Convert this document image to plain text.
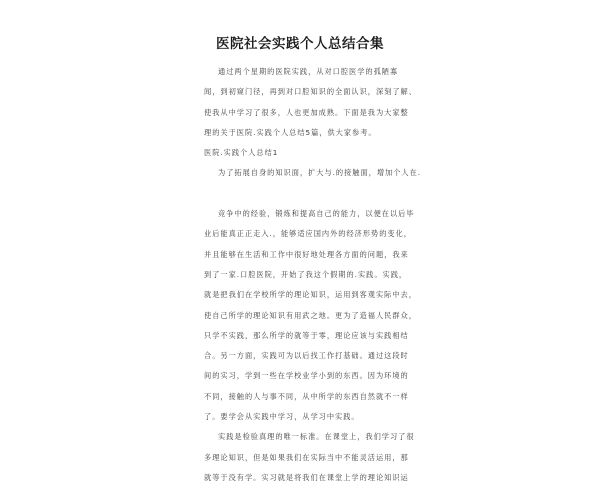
医院社会实践个人总结合集
通过两个星期的医院实践，从对口腔医学的孤陋寡
闻，到初窥门径，再到对口腔知识的全面认识，深刻了解、
使我从中学习了很多，人也更加成熟。下面是我为大家整
理的关于医院.实践个人总结5篇，供大家参考。
医院.实践个人总结1
为了拓展自身的知识面，扩大与.的接触面，增加个人在.
竞争中的经验，锻炼和提高自己的能力，以便在以后毕
业后能真正正走入.，能够适应国内外的经济形势的变化，
并且能够在生活和工作中很好地处理各方面的问题，我来
到了一家.口腔医院，开始了我这个假期的.实践。实践，
就是把我们在学校所学的理论知识，运用到客观实际中去，
使自己所学的理论知识有用武之地。更为了造福人民群众，
只学不实践，那么所学的就等于零，理论应该与实践相结
合。另一方面，实践可为以后找工作打基础。通过这段时
间的实习，学到一些在学校业学小到的东西。因为环境的
不同，接触的人与事不同，从中所学的东西自然就不一样
了。要学会从实践中学习，从学习中实践。
实践是检验真理的唯一标准。在课堂上，我们学习了很
多理论知识，但是如果我们在实际当中不能灵活运用，那
就等于没有学。实习就是将我们在课堂上学的理论知识运
